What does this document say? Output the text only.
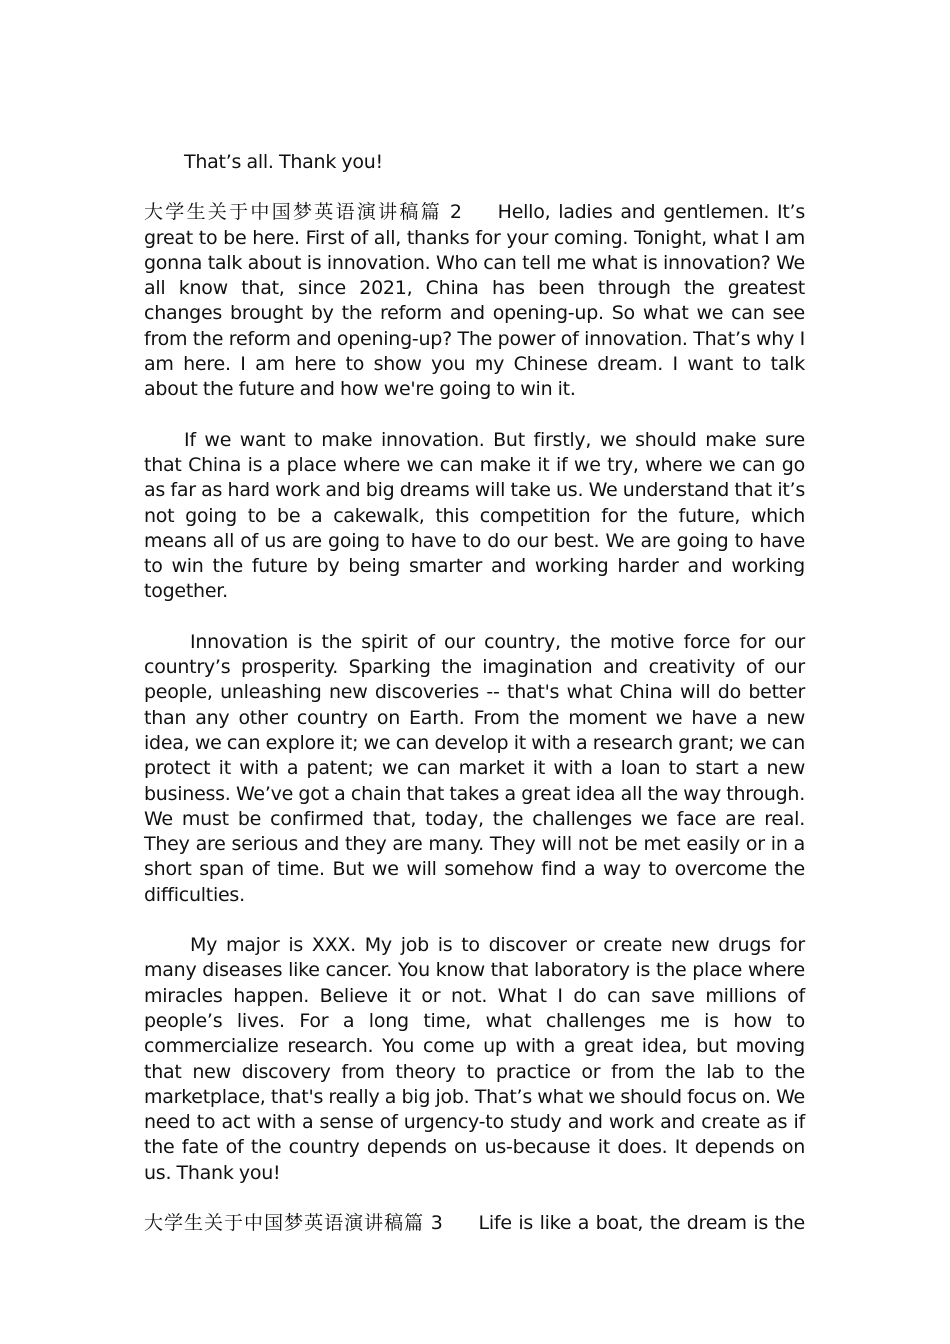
That’s all. Thank you!

大学生关于中国梦英语演讲稿篇 2 Hello, ladies and gentlemen. It’s great to be here. First of all, thanks for your coming. Tonight, what I am gonna talk about is innovation. Who can tell me what is innovation? We all know that, since 2021, China has been through the greatest changes brought by the reform and opening-up. So what we can see from the reform and opening-up? The power of innovation. That’s why I am here. I am here to show you my Chinese dream. I want to talk about the future and how we're going to win it.

If we want to make innovation. But firstly, we should make sure that China is a place where we can make it if we try, where we can go as far as hard work and big dreams will take us. We understand that it’s not going to be a cakewalk, this competition for the future, which means all of us are going to have to do our best. We are going to have to win the future by being smarter and working harder and working together.

Innovation is the spirit of our country, the motive force for our country’s prosperity. Sparking the imagination and creativity of our people, unleashing new discoveries -- that's what China will do better than any other country on Earth. From the moment we have a new idea, we can explore it; we can develop it with a research grant; we can protect it with a patent; we can market it with a loan to start a new business. We’ve got a chain that takes a great idea all the way through. We must be confirmed that, today, the challenges we face are real. They are serious and they are many. They will not be met easily or in a short span of time. But we will somehow find a way to overcome the difficulties.

My major is XXX. My job is to discover or create new drugs for many diseases like cancer. You know that laboratory is the place where miracles happen. Believe it or not. What I do can save millions of people’s lives. For a long time, what challenges me is how to commercialize research. You come up with a great idea, but moving that new discovery from theory to practice or from the lab to the marketplace, that's really a big job. That’s what we should focus on. We need to act with a sense of urgency-to study and work and create as if the fate of the country depends on us-because it does. It depends on us. Thank you!

大学生关于中国梦英语演讲稿篇 3 Life is like a boat, the dream is the
